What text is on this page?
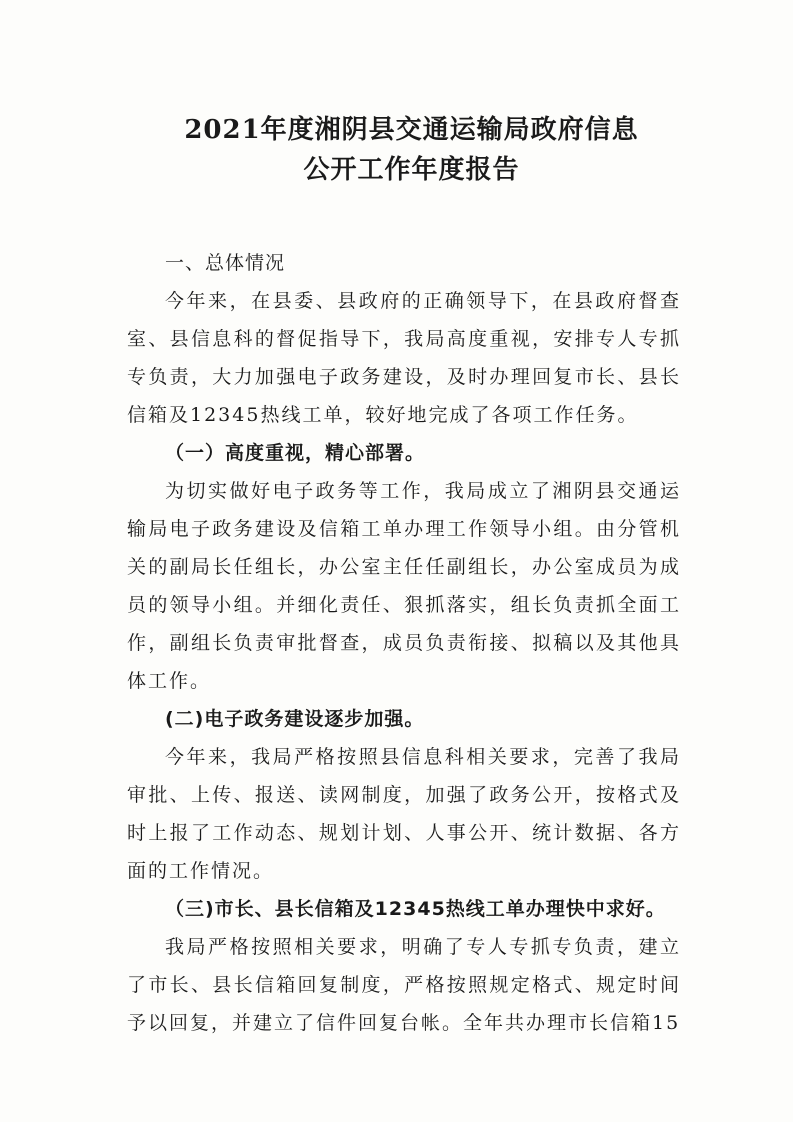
2021年度湘阴县交通运输局政府信息
公开工作年度报告

一、总体情况

今年来，在县委、县政府的正确领导下，在县政府督查室、县信息科的督促指导下，我局高度重视，安排专人专抓专负责，大力加强电子政务建设，及时办理回复市长、县长信箱及12345热线工单，较好地完成了各项工作任务。

（一）高度重视，精心部署。

为切实做好电子政务等工作，我局成立了湘阴县交通运输局电子政务建设及信箱工单办理工作领导小组。由分管机关的副局长任组长，办公室主任任副组长，办公室成员为成员的领导小组。并细化责任、狠抓落实，组长负责抓全面工作，副组长负责审批督查，成员负责衔接、拟稿以及其他具体工作。

(二)电子政务建设逐步加强。

今年来，我局严格按照县信息科相关要求，完善了我局审批、上传、报送、读网制度，加强了政务公开，按格式及时上报了工作动态、规划计划、人事公开、统计数据、各方面的工作情况。

（三)市长、县长信箱及12345热线工单办理快中求好。

我局严格按照相关要求，明确了专人专抓专负责，建立了市长、县长信箱回复制度，严格按照规定格式、规定时间予以回复，并建立了信件回复台帐。全年共办理市长信箱15
